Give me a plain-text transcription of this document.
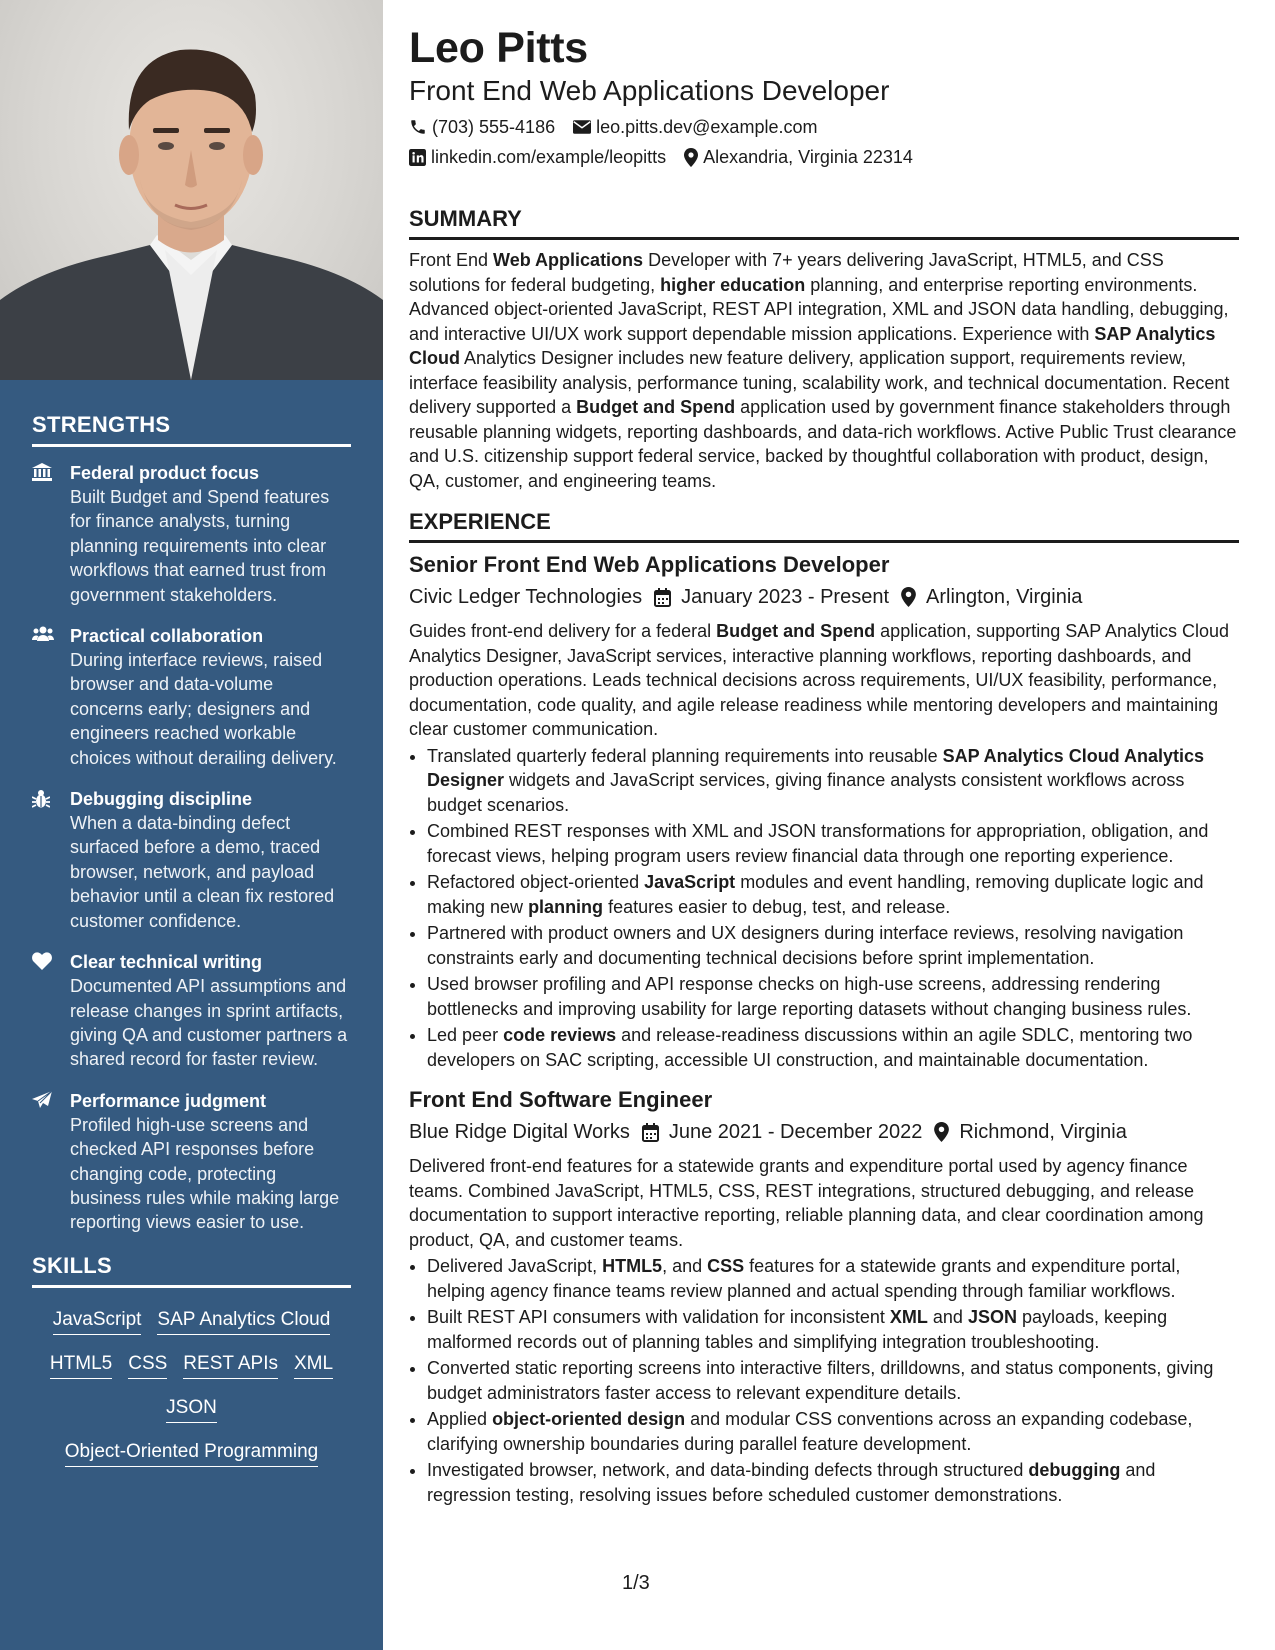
STRENGTHS
Federal product focus
Built Budget and Spend features for finance analysts, turning planning requirements into clear workflows that earned trust from government stakeholders.
Practical collaboration
During interface reviews, raised browser and data-volume concerns early; designers and engineers reached workable choices without derailing delivery.
Debugging discipline
When a data-binding defect surfaced before a demo, traced browser, network, and payload behavior until a clean fix restored customer confidence.
Clear technical writing
Documented API assumptions and release changes in sprint artifacts, giving QA and customer partners a shared record for faster review.
Performance judgment
Profiled high-use screens and checked API responses before changing code, protecting business rules while making large reporting views easier to use.
SKILLS
JavaScript SAP Analytics Cloud
HTML5 CSS REST APIs XML
JSON
Object-Oriented Programming
Leo Pitts
Front End Web Applications Developer
(703) 555-4186 leo.pitts.dev@example.com
linkedin.com/example/leopitts Alexandria, Virginia 22314
SUMMARY
Front End Web Applications Developer with 7+ years delivering JavaScript, HTML5, and CSS solutions for federal budgeting, higher education planning, and enterprise reporting environments. Advanced object-oriented JavaScript, REST API integration, XML and JSON data handling, debugging, and interactive UI/UX work support dependable mission applications. Experience with SAP Analytics Cloud Analytics Designer includes new feature delivery, application support, requirements review, interface feasibility analysis, performance tuning, scalability work, and technical documentation. Recent delivery supported a Budget and Spend application used by government finance stakeholders through reusable planning widgets, reporting dashboards, and data-rich workflows. Active Public Trust clearance and U.S. citizenship support federal service, backed by thoughtful collaboration with product, design, QA, customer, and engineering teams.
EXPERIENCE
Senior Front End Web Applications Developer
Civic Ledger Technologies January 2023 - Present Arlington, Virginia
Guides front-end delivery for a federal Budget and Spend application, supporting SAP Analytics Cloud Analytics Designer, JavaScript services, interactive planning workflows, reporting dashboards, and production operations. Leads technical decisions across requirements, UI/UX feasibility, performance, documentation, code quality, and agile release readiness while mentoring developers and maintaining clear customer communication.
• Translated quarterly federal planning requirements into reusable SAP Analytics Cloud Analytics Designer widgets and JavaScript services, giving finance analysts consistent workflows across budget scenarios.
• Combined REST responses with XML and JSON transformations for appropriation, obligation, and forecast views, helping program users review financial data through one reporting experience.
• Refactored object-oriented JavaScript modules and event handling, removing duplicate logic and making new planning features easier to debug, test, and release.
• Partnered with product owners and UX designers during interface reviews, resolving navigation constraints early and documenting technical decisions before sprint implementation.
• Used browser profiling and API response checks on high-use screens, addressing rendering bottlenecks and improving usability for large reporting datasets without changing business rules.
• Led peer code reviews and release-readiness discussions within an agile SDLC, mentoring two developers on SAC scripting, accessible UI construction, and maintainable documentation.
Front End Software Engineer
Blue Ridge Digital Works June 2021 - December 2022 Richmond, Virginia
Delivered front-end features for a statewide grants and expenditure portal used by agency finance teams. Combined JavaScript, HTML5, CSS, REST integrations, structured debugging, and release documentation to support interactive reporting, reliable planning data, and clear coordination among product, QA, and customer teams.
• Delivered JavaScript, HTML5, and CSS features for a statewide grants and expenditure portal, helping agency finance teams review planned and actual spending through familiar workflows.
• Built REST API consumers with validation for inconsistent XML and JSON payloads, keeping malformed records out of planning tables and simplifying integration troubleshooting.
• Converted static reporting screens into interactive filters, drilldowns, and status components, giving budget administrators faster access to relevant expenditure details.
• Applied object-oriented design and modular CSS conventions across an expanding codebase, clarifying ownership boundaries during parallel feature development.
• Investigated browser, network, and data-binding defects through structured debugging and regression testing, resolving issues before scheduled customer demonstrations.
1/3
